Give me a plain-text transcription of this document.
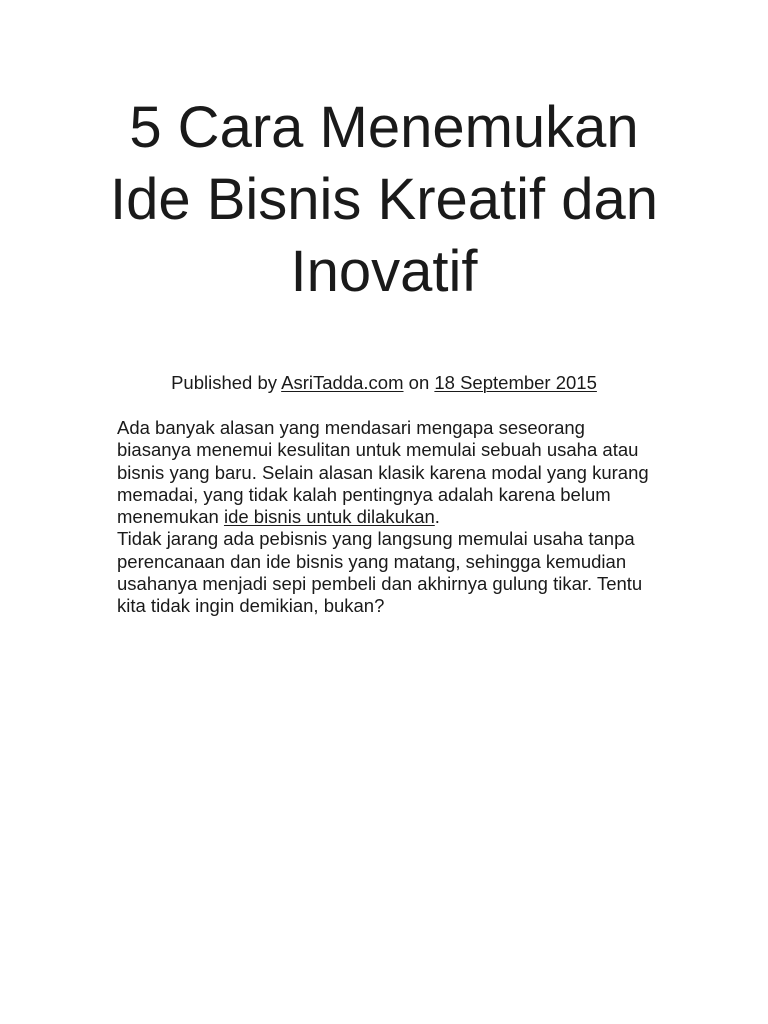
5 Cara Menemukan Ide Bisnis Kreatif dan Inovatif
Published by AsriTadda.com on 18 September 2015

Ada banyak alasan yang mendasari mengapa seseorang biasanya menemui kesulitan untuk memulai sebuah usaha atau bisnis yang baru. Selain alasan klasik karena modal yang kurang memadai, yang tidak kalah pentingnya adalah karena belum menemukan ide bisnis untuk dilakukan.

Tidak jarang ada pebisnis yang langsung memulai usaha tanpa perencanaan dan ide bisnis yang matang, sehingga kemudian usahanya menjadi sepi pembeli dan akhirnya gulung tikar. Tentu kita tidak ingin demikian, bukan?
